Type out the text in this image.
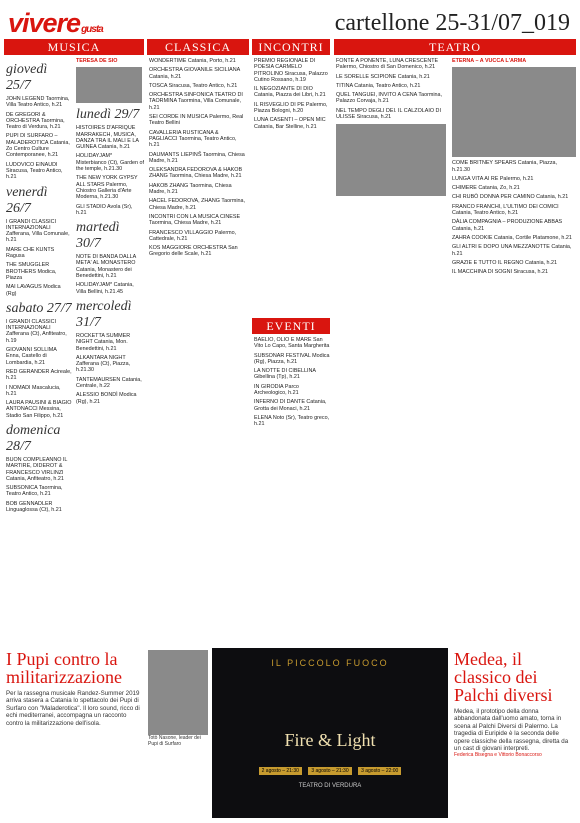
viveregusta	cartellone 25-31/07_019
MUSICA	CLASSICA	INCONTRI	TEATRO
giovedì 25/7

JOHN LEGEND Taormina, Villa Teatro Antico, h.21

DE GREGORI & ORCHESTRA Taormina, Teatro di Verdura, h.21

PUPI DI SURFARO – MALADEROTICA Catania, Zo Centro Culture Contemporanee, h.21

LUDOVICO EINAUDI Siracusa, Teatro Antico, h.21

venerdì 26/7

I GRANDI CLASSICI INTERNAZIONALI Zafferana, Villa Comunale, h.21

MARE CHE KUNTS Ragusa

THE SMUGGLER BROTHERS Modica, Piazza

MAI LAVAGUS Modica (Rg)

sabato 27/7

I GRANDI CLASSICI INTERNAZIONALI Zafferana (Ct), Anfiteatro, h.19

GIOVANNI SOLLIMA Enna, Castello di Lombardia, h.21

RED GERANDER Acireale, h.21

I NOMADI Mascalucia, h.21

LAURA PAUSINI & BIAGIO ANTONACCI Messina, Stadio San Filippo, h.21

domenica 28/7

BUON COMPLEANNO IL MARTIRE, DIDEROT & FRANCESCO VIRLINZI Catania, Anfiteatro, h.21

SUBSONICA Taormina, Teatro Antico, h.21

BOB GENNADLER Linguaglossa (Ct), h.21

TERESA DE SIO

lunedì 29/7

HISTOIRES D'AFRIQUE MARRAKECH, MUSICA, DANZA TRA IL MALI E LA GUINEA Catania, h.21

HOLIDAYJAM* Misterbianco (Ct), Garden of the temple, h.21.30

THE NEW YORK GYPSY ALL STARS Palermo, Chiostro Galleria d'Arte Moderna, h.21.30

GLI STADIO Avola (Sr), h.21

martedì 30/7

NOTE DI BANDA DALLA META' AL MONASTERO Catania, Monastero dei Benedettini, h.21

HOLIDAYJAM* Catania, Villa Bellini, h.21.45

mercoledì 31/7

ROCKETTA SUMMER NIGHT Catania, Mon. Benedettini, h.21

ALKANTARA NIGHT Zafferana (Ct), Piazza, h.21.30

TANTEMAURSEN Catania, Centrale, h.22

ALESSIO BONDÌ Modica (Rg), h.21

WONDERTIME Catania, Porto, h.21

ORCHESTRA GIOVANILE SICILIANA Catania, h.21

TOSCA Siracusa, Teatro Antico, h.21

ORCHESTRA SINFONICA TEATRO DI TAORMINA Taormina, Villa Comunale, h.21

SEI CORDE IN MUSICA Palermo, Real Teatro Bellini

CAVALLERIA RUSTICANA & PAGLIACCI Taormina, Teatro Antico, h.21

DAUMANTS LIEPINŠ Taormina, Chiesa Madre, h.21

OLEKSANDRA FEDOROVA & HAKOB ZHANG Taormina, Chiesa Madre, h.21

HAKOB ZHANG Taormina, Chiesa Madre, h.21

HACEL FEDOROVA, ZHANG Taormina, Chiesa Madre, h.21

INCONTRI CON LA MUSICA CINESE Taormina, Chiesa Madre, h.21

FRANCESCO VILLAGGIO Palermo, Cattedrale, h.21

KOS MAGGIORE ORCHESTRA San Gregorio delle Scale, h.21

PREMIO REGIONALE DI POESIA CARMELO PITROLINO Siracusa, Palazzo Cutino Rossano, h.19

IL NEGOZIANTE DI DIO Catania, Piazza dei Libri, h.21

IL RISVEGLIO DI PE Palermo, Piazza Bologni, h.20

LUNA CASENTI – OPEN MIC Catania, Bar Stelline, h.21

EVENTI

BAELIO, OLIO E MARE San Vito Lo Capo, Santa Margherita

SUBSONAR FESTIVAL Modica (Rg), Piazza, h.21

LA NOTTE DI CIBELLINA Gibellina (Tp), h.21

IN GIRODIA Parco Archeologico, h.21

INFERNO DI DANTE Catania, Grotta dei Monaci, h.21

ELENA Noto (Sr), Teatro greco, h.21

FONTE A PONENTE, LUNA CRESCENTE Palermo, Chiostro di San Domenico, h.21

LE SORELLE SCIPIONE Catania, h.21

TITINA Catania, Teatro Antico, h.21

QUEL TANGUEI, INVITO A CENA Taormina, Palazzo Corvaja, h.21

NEL TEMPO DEGLI DEI. IL CALZOLAIO DI ULISSE Siracusa, h.21

ETERNA – A VUCCA L'ARMA

COME BRITNEY SPEARS Catania, Piazza, h.21.30

LUNGA VITA AI RE Palermo, h.21

CHIMERE Catania, Zo, h.21

CHI RUBÒ DONNA PER CAMINO Catania, h.21

FRANCO FRANCHI, L'ULTIMO DEI COMICI Catania, Teatro Antico, h.21

DÀLIA COMPAGNIA – PRODUZIONE ABBAS Catania, h.21

ZAHRA COOKIE Catania, Cortile Platamone, h.21

GLI ALTRI E DOPO UNA MEZZANOTTE Catania, h.21

GRAZIE E TUTTO IL REGNO Catania, h.21

IL MACCHINA DI SOGNI Siracusa, h.21

I Pupi contro la militarizzazione
Per la rassegna musicale Randez-Summer 2019 arriva stasera a Catania lo spettacolo dei Pupi di Surfaro con "Maladerotica". Il loro sound, ricco di echi mediterranei, accompagna un racconto contro la militarizzazione dell'isola.
Totò Nasone, leader dei Pupi di Surfaro
IL PICCOLO FUOCO
Fire & Light
2 agosto – 21:30 3 agosto – 21:30 3 agosto – 22:00
TEATRO DI VERDURA
Medea, il classico dei Palchi diversi
Medea, il prototipo della donna abbandonata dall'uomo amato, torna in scena al Palchi Diversi di Palermo. La tragedia di Euripide è la seconda delle opere classiche della rassegna, diretta da un cast di giovani interpreti.
Federica Bisegna e Vittorio Bonaccorso
